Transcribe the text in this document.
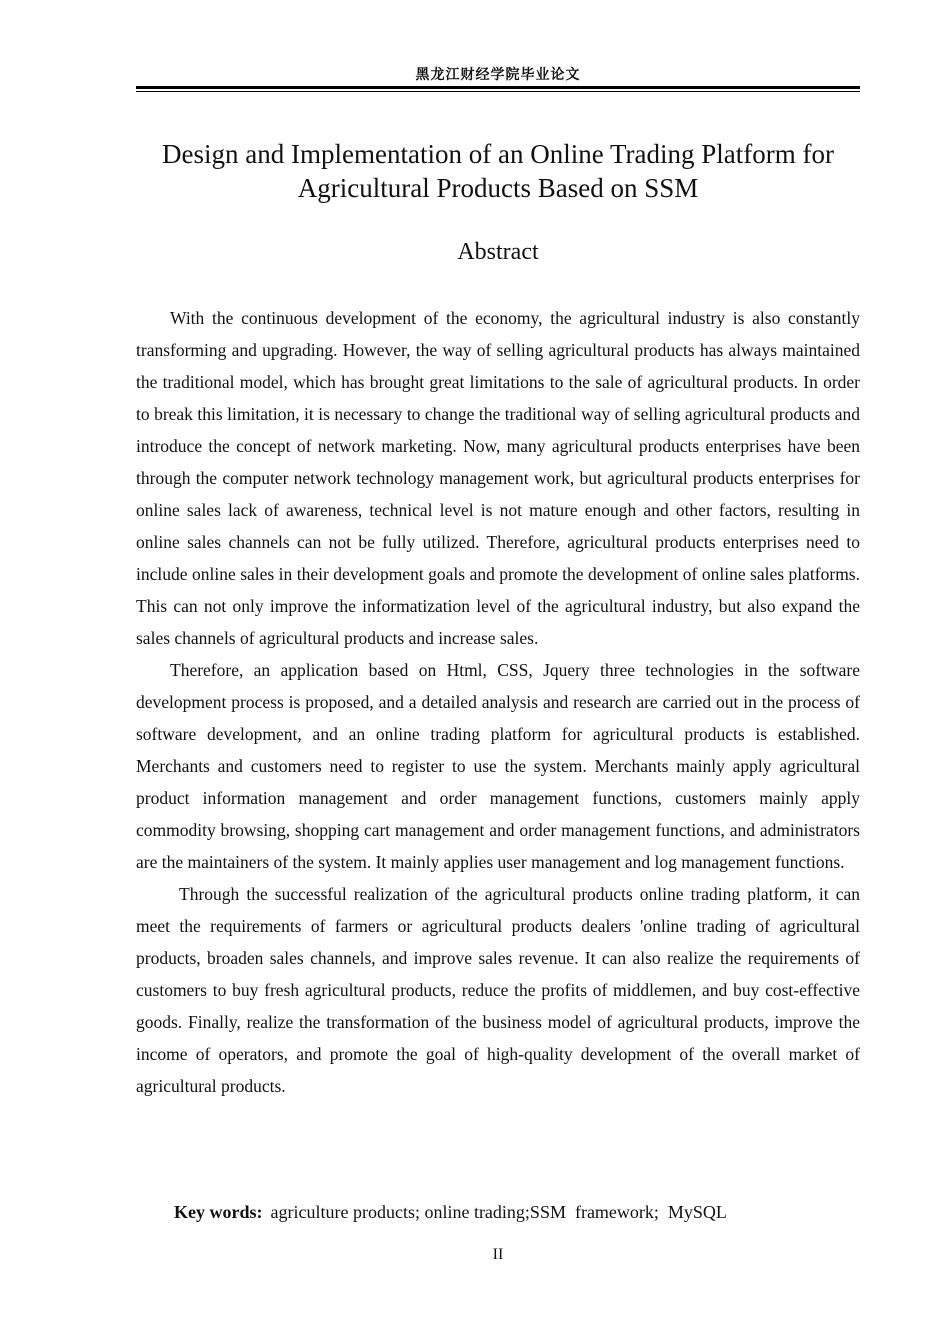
黑龙江财经学院毕业论文
Design and Implementation of an Online Trading Platform for Agricultural Products Based on SSM
Abstract

With the continuous development of the economy, the agricultural industry is also constantly transforming and upgrading. However, the way of selling agricultural products has always maintained the traditional model, which has brought great limitations to the sale of agricultural products. In order to break this limitation, it is necessary to change the traditional way of selling agricultural products and introduce the concept of network marketing. Now, many agricultural products enterprises have been through the computer network technology management work, but agricultural products enterprises for online sales lack of awareness, technical level is not mature enough and other factors, resulting in online sales channels can not be fully utilized. Therefore, agricultural products enterprises need to include online sales in their development goals and promote the development of online sales platforms. This can not only improve the informatization level of the agricultural industry, but also expand the sales channels of agricultural products and increase sales.

Therefore, an application based on Html, CSS, Jquery three technologies in the software development process is proposed, and a detailed analysis and research are carried out in the process of software development, and an online trading platform for agricultural products is established. Merchants and customers need to register to use the system. Merchants mainly apply agricultural product information management and order management functions, customers mainly apply commodity browsing, shopping cart management and order management functions, and administrators are the maintainers of the system. It mainly applies user management and log management functions.

Through the successful realization of the agricultural products online trading platform, it can meet the requirements of farmers or agricultural products dealers 'online trading of agricultural products, broaden sales channels, and improve sales revenue. It can also realize the requirements of customers to buy fresh agricultural products, reduce the profits of middlemen, and buy cost-effective goods. Finally, realize the transformation of the business model of agricultural products, improve the income of operators, and promote the goal of high-quality development of the overall market of agricultural products.

Key words: agriculture products; online trading;SSM  framework;  MySQL
II
